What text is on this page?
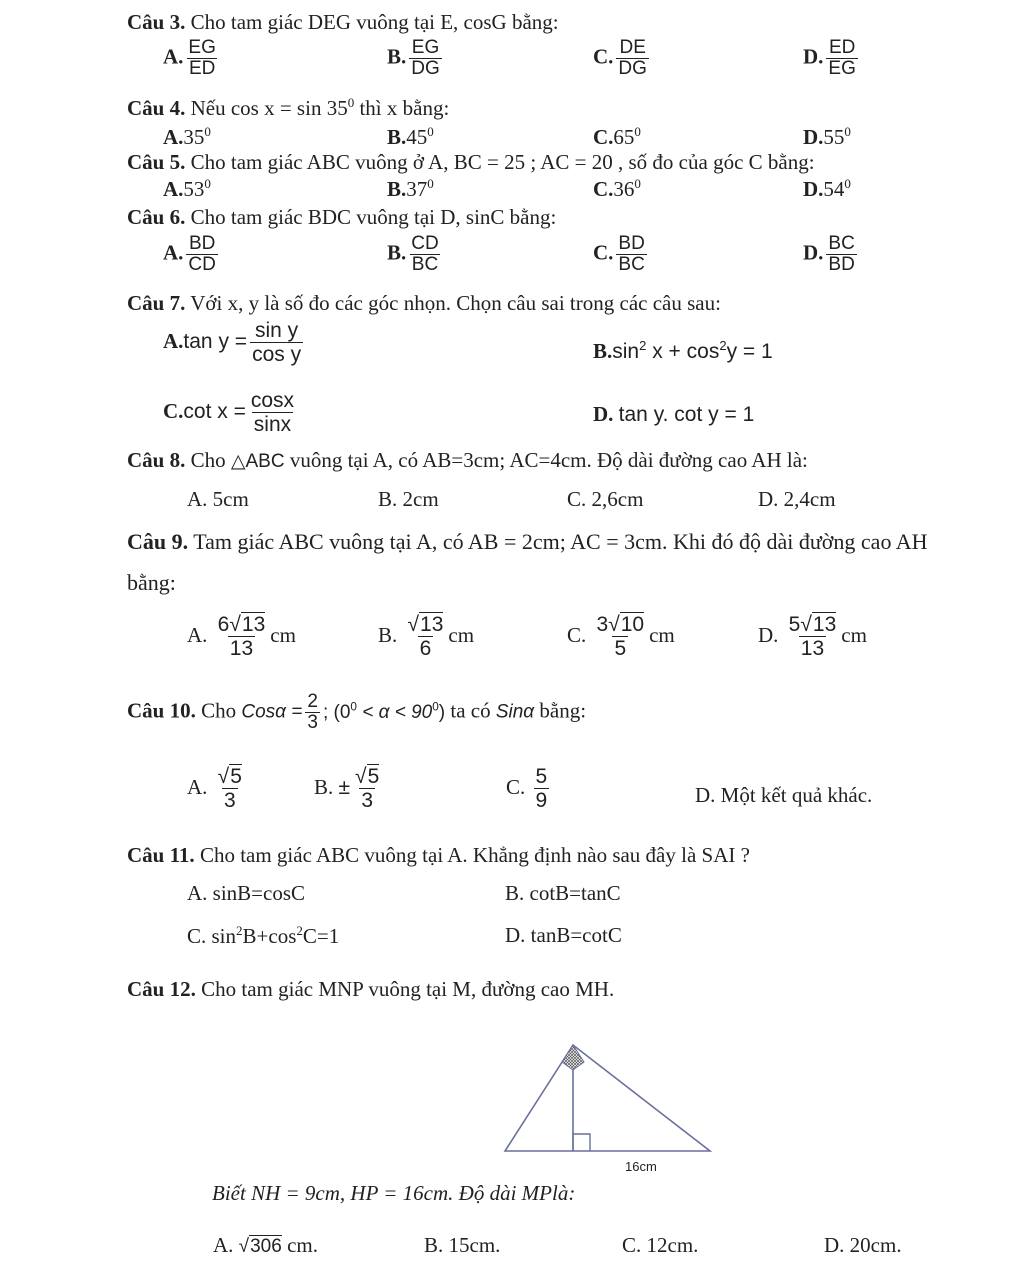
Câu 3. Cho tam giác DEG vuông tại E, cosG bằng:
A. $\frac{EG}{ED}$	B. $\frac{EG}{DG}$	C. $\frac{DE}{DG}$	D. $\frac{ED}{EG}$
Câu 4. Nếu $\cos x = \sin 35^0$ thì x bằng:
$A.35^0$	$B.45^0$	$C.65^0$	$D.55^0$
Câu 5. Cho tam giác ABC vuông ở A, BC = 25 ; AC = 20 , số đo của góc C bằng:
$A.53^0$	$B.37^0$	$C.36^0$	$D.54^0$
Câu 6. Cho tam giác BDC vuông tại D, sinC bằng:
A. $\frac{BD}{CD}$	B. $\frac{CD}{BC}$	C. $\frac{BD}{BC}$	D. $\frac{BC}{BD}$
Câu 7. Với x, y là số đo các góc nhọn. Chọn câu sai trong các câu sau:
A.tan $y = \frac{\text{sin y}}{\text{cos y}}$	$B.\sin^2$ $x + \cos^2y = 1$
C.cot $x = \frac{\cos x}{\sin x}$	D. tan y. cot y = 1
Câu 8. Cho △ABC vuông tại A, có AB=3cm; AC=4cm. Độ dài đường cao AH là:
A. 5cm	B. 2cm	C. 2,6cm	D. 2,4cm
Câu 9. Tam giác ABC vuông tại A, có AB = 2cm; AC = 3cm. Khi đó độ dài đường cao AH
bằng:
A. $\frac{6√13}{13}$ cm	B. $\frac{√13}{6}$ cm	C. $\frac{3√10}{5}$ cm	D. $\frac{5√13}{13}$ cm
Câu 10. Cho $Cos\alpha = \frac{2}{3}$ ; $(0^0 < \alpha < 90^0)$ ta có Sinα bằng:
A. $\frac{√5}{3}$	B. ± $\frac{√5}{3}$	C. $\frac{5}{9}$	D. Một kết quả khác.
Câu 11. Cho tam giác ABC vuông tại A. Khẳng định nào sau đây là SAI ?
A. sinB=cosC	B. cotB=tanC
C. $\sin^2B+\cos^2C=1$	D. tanB=cotC
Câu 12. Cho tam giác MNP vuông tại M, đường cao MH.
16cm
Biết NH = 9cm, HP = 16cm. Độ dài MPlà:
A. √306 cm.	B. 15cm.	C. 12cm.	D. 20cm.
